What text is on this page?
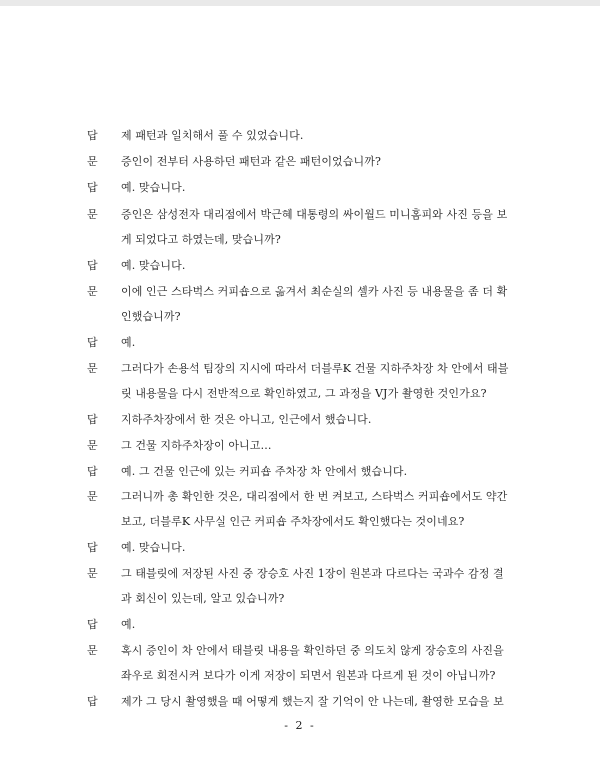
답	제 패턴과 일치해서 풀 수 있었습니다.
문	증인이 전부터 사용하던 패턴과 같은 패턴이었습니까?
답	예. 맞습니다.
문	증인은 삼성전자 대리점에서 박근혜 대통령의 싸이월드 미니홈피와 사진 등을 보
게 되었다고 하였는데, 맞습니까?
답	예. 맞습니다.
문	이에 인근 스타벅스 커피숍으로 옮겨서 최순실의 셀카 사진 등 내용물을 좀 더 확
인했습니까?
답	예.
문	그러다가 손용석 팀장의 지시에 따라서 더블루K 건물 지하주차장 차 안에서 태블
릿 내용물을 다시 전반적으로 확인하였고, 그 과정을 VJ가 촬영한 것인가요?
답	지하주차장에서 한 것은 아니고, 인근에서 했습니다.
문	그 건물 지하주차장이 아니고…
답	예. 그 건물 인근에 있는 커피숍 주차장 차 안에서 했습니다.
문	그러니까 총 확인한 것은, 대리점에서 한 번 켜보고, 스타벅스 커피숍에서도 약간
보고, 더블루K 사무실 인근 커피숍 주차장에서도 확인했다는 것이네요?
답	예. 맞습니다.
문	그 태블릿에 저장된 사진 중 장승호 사진 1장이 원본과 다르다는 국과수 감정 결
과 회신이 있는데, 알고 있습니까?
답	예.
문	혹시 증인이 차 안에서 태블릿 내용을 확인하던 중 의도치 않게 장승호의 사진을
좌우로 회전시켜 보다가 이게 저장이 되면서 원본과 다르게 된 것이 아닙니까?
답	제가 그 당시 촬영했을 때 어떻게 했는지 잘 기억이 안 나는데, 촬영한 모습을 보
- 2 -
